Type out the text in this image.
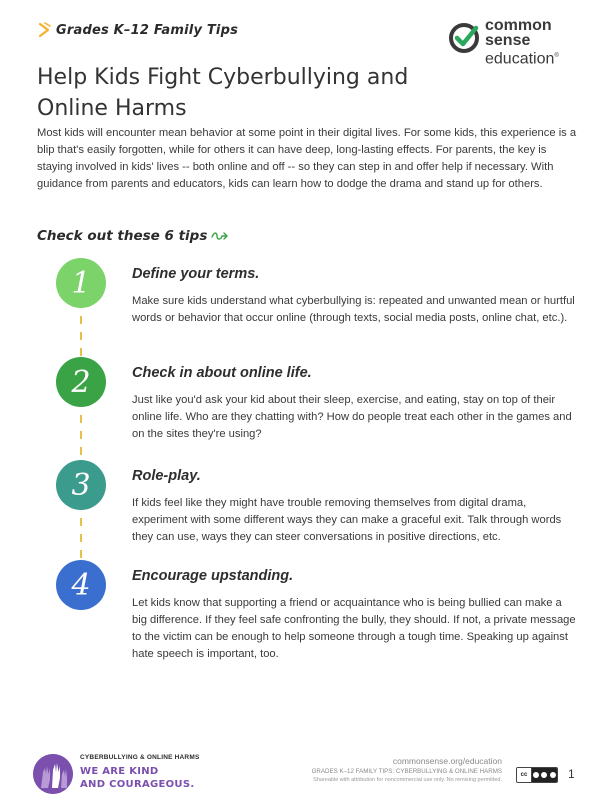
Grades K–12 Family Tips
Help Kids Fight Cyberbullying and Online Harms
common
sense
education®

Most kids will encounter mean behavior at some point in their digital lives. For some kids, this experience is a blip that's easily forgotten, while for others it can have deep, long-lasting effects. For parents, the key is staying involved in kids' lives -- both online and off -- so they can step in and offer help if necessary. With guidance from parents and educators, kids can learn how to dodge the drama and stand up for others.

Check out these 6 tips
1	Define your terms.
Make sure kids understand what cyberbullying is: repeated and unwanted mean or hurtful words or behavior that occur online (through texts, social media posts, online chat, etc.).
2	Check in about online life.
Just like you'd ask your kid about their sleep, exercise, and eating, stay on top of their online life. Who are they chatting with? How do people treat each other in the games and on the sites they're using?
3	Role-play.
If kids feel like they might have trouble removing themselves from digital drama, experiment with some different ways they can make a graceful exit. Talk through words they can use, ways they can steer conversations in positive directions, etc.
4	Encourage upstanding.
Let kids know that supporting a friend or acquaintance who is being bullied can make a big difference. If they feel safe confronting the bully, they should. If not, a private message to the victim can be enough to help someone through a tough time. Speaking up against hate speech is important, too.
CYBERBULLYING & ONLINE HARMS
WE ARE KIND
AND COURAGEOUS.
commonsense.org/education
GRADES K–12 FAMILY TIPS: CYBERBULLYING & ONLINE HARMS
Shareable with attribution for noncommercial use only. No remixing permitted.
cc	1
